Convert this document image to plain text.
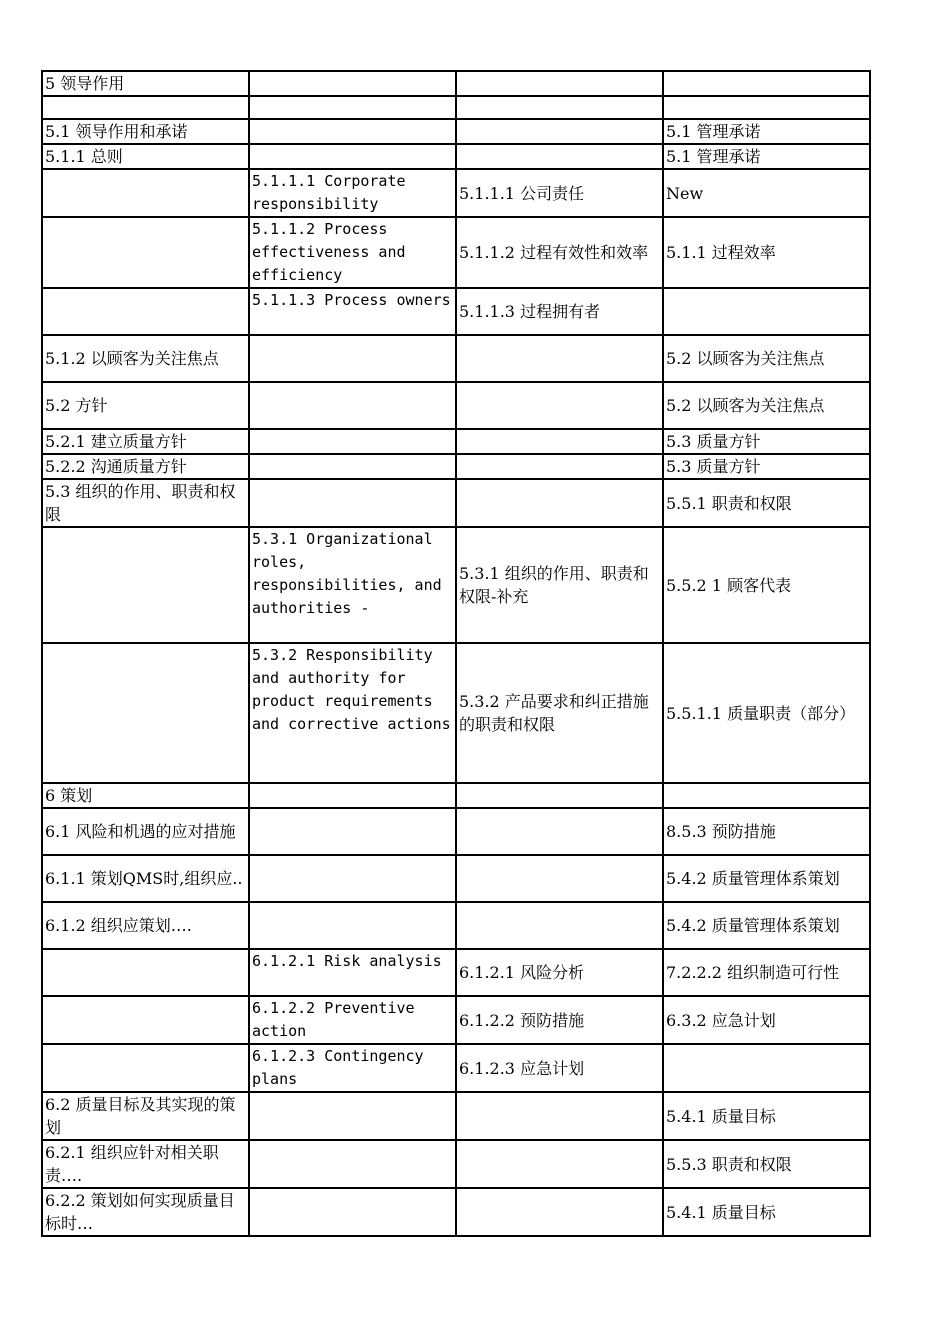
5 领导作用			

5.1 领导作用和承诺			5.1 管理承诺
5.1.1 总则			5.1 管理承诺
	5.1.1.1 Corporate responsibility	5.1.1.1 公司责任	New
	5.1.1.2 Process effectiveness and efficiency	5.1.1.2 过程有效性和效率	5.1.1 过程效率
	5.1.1.3 Process owners	5.1.1.3 过程拥有者	
5.1.2 以顾客为关注焦点			5.2 以顾客为关注焦点
5.2 方针			5.2 以顾客为关注焦点
5.2.1 建立质量方针			5.3 质量方针
5.2.2 沟通质量方针			5.3 质量方针
5.3 组织的作用、职责和权限			5.5.1 职责和权限
	5.3.1 Organizational roles, responsibilities, and authorities -	5.3.1 组织的作用、职责和权限-补充	5.5.2 1 顾客代表
	5.3.2 Responsibility and authority for product requirements and corrective actions	5.3.2 产品要求和纠正措施的职责和权限	5.5.1.1 质量职责（部分）
6 策划			
6.1 风险和机遇的应对措施			8.5.3 预防措施
6.1.1 策划QMS时,组织应..			5.4.2 质量管理体系策划
6.1.2 组织应策划….			5.4.2 质量管理体系策划
	6.1.2.1 Risk analysis	6.1.2.1 风险分析	7.2.2.2 组织制造可行性
	6.1.2.2 Preventive action	6.1.2.2 预防措施	6.3.2 应急计划
	6.1.2.3 Contingency plans	6.1.2.3 应急计划	
6.2 质量目标及其实现的策划			5.4.1 质量目标
6.2.1 组织应针对相关职责….			5.5.3 职责和权限
6.2.2 策划如何实现质量目标时…			5.4.1 质量目标
